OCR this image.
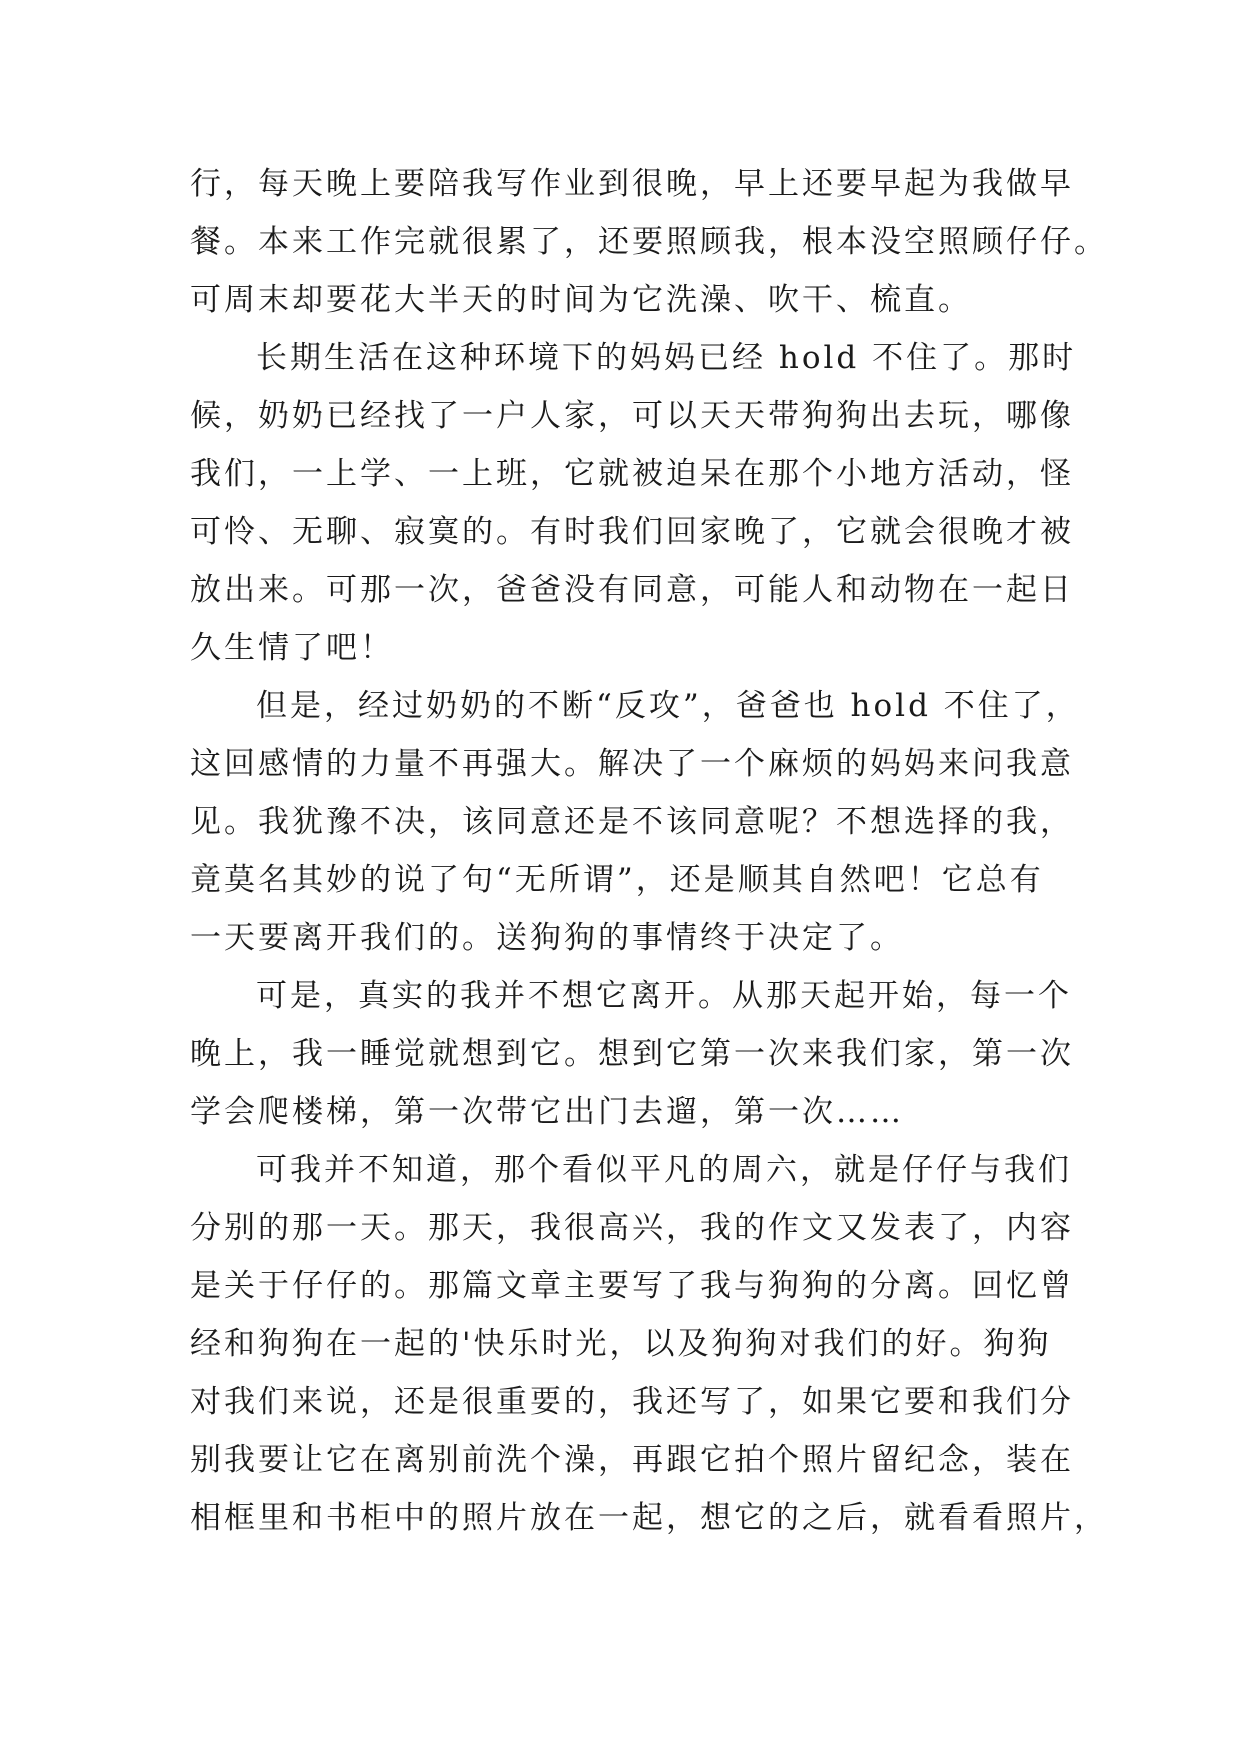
行，每天晚上要陪我写作业到很晚，早上还要早起为我做早
餐。本来工作完就很累了，还要照顾我，根本没空照顾仔仔。
可周末却要花大半天的时间为它洗澡、吹干、梳直。
长期生活在这种环境下的妈妈已经 hold 不住了。那时
候，奶奶已经找了一户人家，可以天天带狗狗出去玩，哪像
我们，一上学、一上班，它就被迫呆在那个小地方活动，怪
可怜、无聊、寂寞的。有时我们回家晚了，它就会很晚才被
放出来。可那一次，爸爸没有同意，可能人和动物在一起日
久生情了吧！
但是，经过奶奶的不断“反攻”，爸爸也 hold 不住了，
这回感情的力量不再强大。解决了一个麻烦的妈妈来问我意
见。我犹豫不决，该同意还是不该同意呢？不想选择的我，
竟莫名其妙的说了句“无所谓”，还是顺其自然吧！它总有
一天要离开我们的。送狗狗的事情终于决定了。
可是，真实的我并不想它离开。从那天起开始，每一个
晚上，我一睡觉就想到它。想到它第一次来我们家，第一次
学会爬楼梯，第一次带它出门去遛，第一次……
可我并不知道，那个看似平凡的周六，就是仔仔与我们
分别的那一天。那天，我很高兴，我的作文又发表了，内容
是关于仔仔的。那篇文章主要写了我与狗狗的分离。回忆曾
经和狗狗在一起的'快乐时光，以及狗狗对我们的好。狗狗
对我们来说，还是很重要的，我还写了，如果它要和我们分
别我要让它在离别前洗个澡，再跟它拍个照片留纪念，装在
相框里和书柜中的照片放在一起，想它的之后，就看看照片，
